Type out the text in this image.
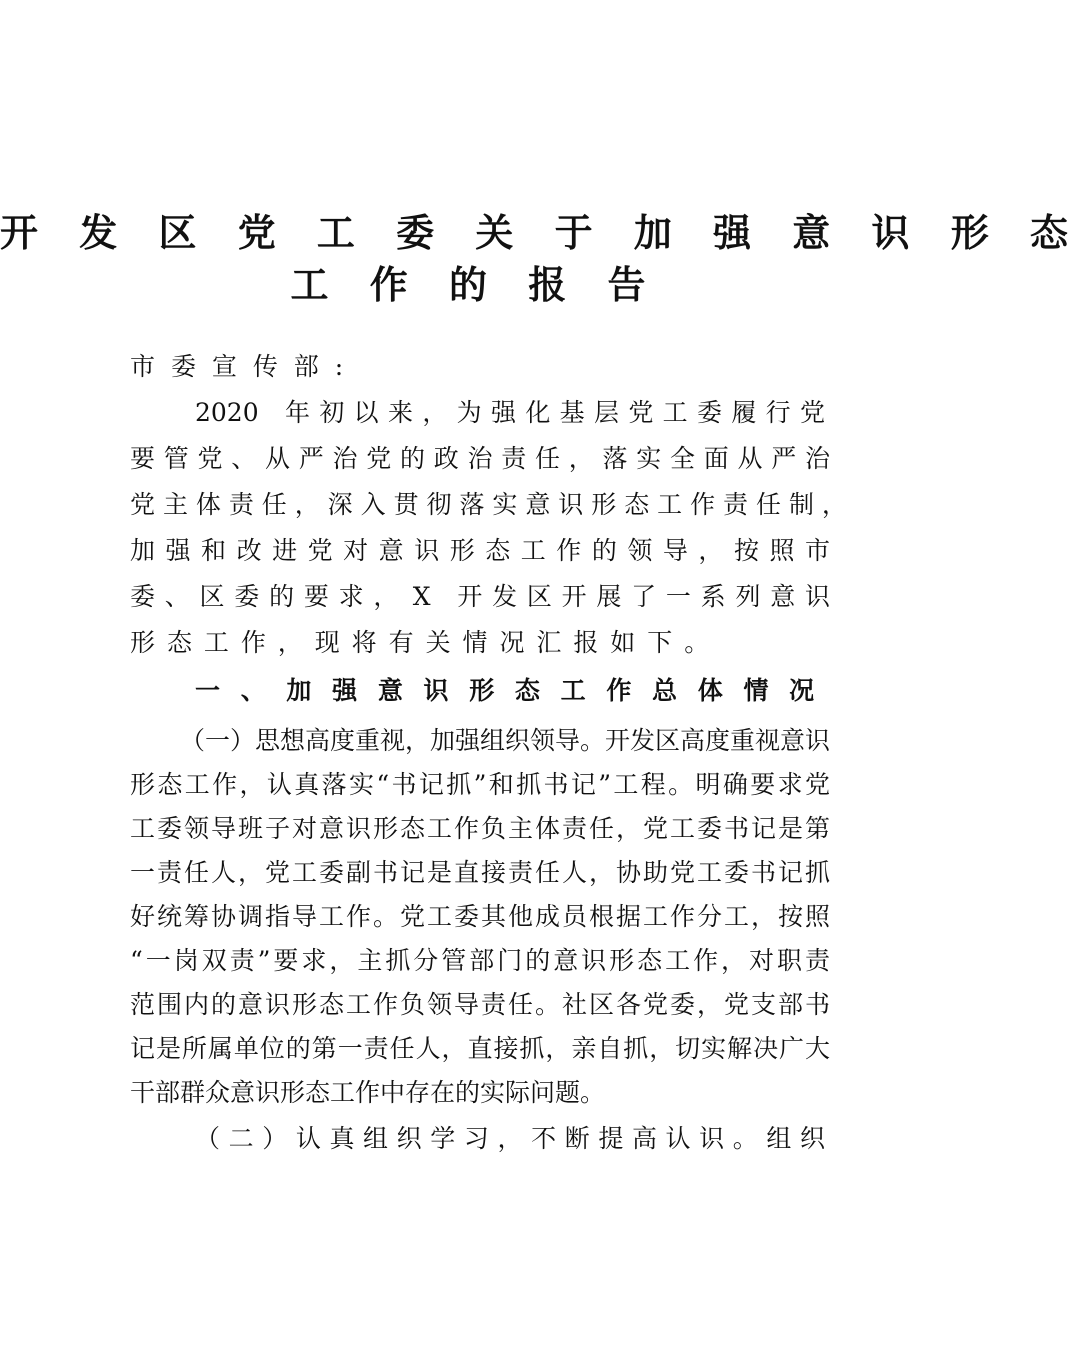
开 发 区 党 工 委 关 于 加 强 意 识 形 态
工 作 的 报 告
市 委 宣 传 部 :
2020　年 初 以 来 ， 为 强 化 基 层 党 工 委 履 行 党
要 管 党 、 从 严 治 党 的 政 治 责 任 ， 落 实 全 面 从 严 治
党 主 体 责 任 ， 深 入 贯 彻 落 实 意 识 形 态 工 作 责 任 制 ，
加 强 和 改 进 党 对 意 识 形 态 工 作 的 领 导 ， 按 照 市
委 、 区 委 的 要 求 ，　X　开 发 区 开 展 了 一 系 列 意 识
形 态 工 作 ， 现 将 有 关 情 况 汇 报 如 下 。
一 、 加 强 意 识 形 态 工 作 总 体 情 况
（一）思想高度重视，加强组织领导。开发区高度重视意识
形态工作，认真落实“书记抓”和抓书记”工程。明确要求党
工委领导班子对意识形态工作负主体责任，党工委书记是第
一责任人，党工委副书记是直接责任人，协助党工委书记抓
好统筹协调指导工作。党工委其他成员根据工作分工，按照
“一岗双责”要求，主抓分管部门的意识形态工作，对职责
范围内的意识形态工作负领导责任。社区各党委，党支部书
记是所属单位的第一责任人，直接抓，亲自抓，切实解决广大
干部群众意识形态工作中存在的实际问题。
（ 二 ） 认 真 组 织 学 习 ， 不 断 提 高 认 识 。 组 织
